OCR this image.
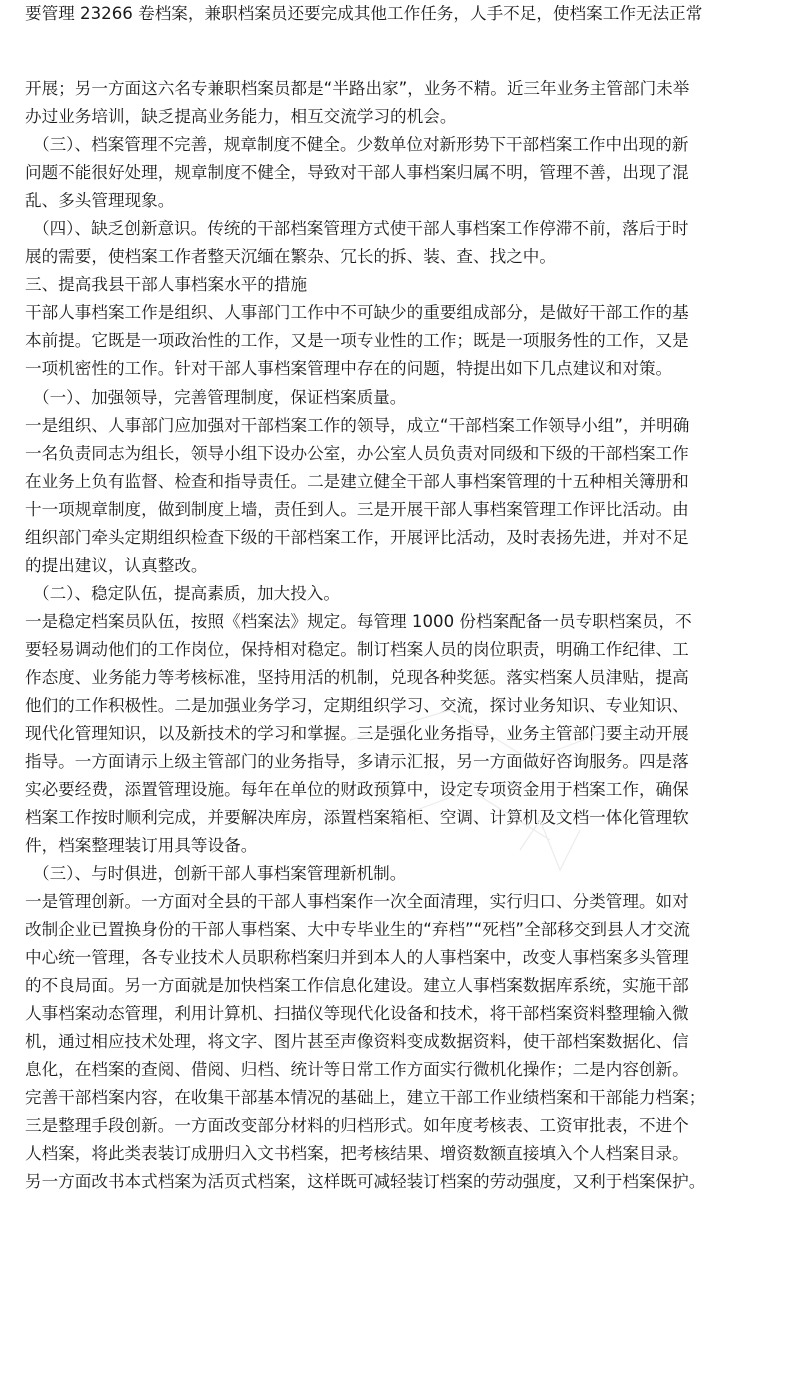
要管理 23266 卷档案，兼职档案员还要完成其他工作任务，人手不足，使档案工作无法正常
开展；另一方面这六名专兼职档案员都是“半路出家”，业务不精。近三年业务主管部门未举
办过业务培训，缺乏提高业务能力，相互交流学习的机会。
（三）、档案管理不完善，规章制度不健全。少数单位对新形势下干部档案工作中出现的新
问题不能很好处理，规章制度不健全，导致对干部人事档案归属不明，管理不善，出现了混
乱、多头管理现象。
（四）、缺乏创新意识。传统的干部档案管理方式使干部人事档案工作停滞不前，落后于时
展的需要，使档案工作者整天沉缅在繁杂、冗长的拆、装、查、找之中。
三、提高我县干部人事档案水平的措施
干部人事档案工作是组织、人事部门工作中不可缺少的重要组成部分，是做好干部工作的基
本前提。它既是一项政治性的工作，又是一项专业性的工作；既是一项服务性的工作，又是
一项机密性的工作。针对干部人事档案管理中存在的问题，特提出如下几点建议和对策。
（一）、加强领导，完善管理制度，保证档案质量。
一是组织、人事部门应加强对干部档案工作的领导，成立“干部档案工作领导小组”，并明确
一名负责同志为组长，领导小组下设办公室，办公室人员负责对同级和下级的干部档案工作
在业务上负有监督、检查和指导责任。二是建立健全干部人事档案管理的十五种相关簿册和
十一项规章制度，做到制度上墙，责任到人。三是开展干部人事档案管理工作评比活动。由
组织部门牵头定期组织检查下级的干部档案工作，开展评比活动，及时表扬先进，并对不足
的提出建议，认真整改。
（二）、稳定队伍，提高素质，加大投入。
一是稳定档案员队伍，按照《档案法》规定。每管理 1000 份档案配备一员专职档案员，不
要轻易调动他们的工作岗位，保持相对稳定。制订档案人员的岗位职责，明确工作纪律、工
作态度、业务能力等考核标准，坚持用活的机制，兑现各种奖惩。落实档案人员津贴，提高
他们的工作积极性。二是加强业务学习，定期组织学习、交流，探讨业务知识、专业知识、
现代化管理知识，以及新技术的学习和掌握。三是强化业务指导，业务主管部门要主动开展
指导。一方面请示上级主管部门的业务指导，多请示汇报，另一方面做好咨询服务。四是落
实必要经费，添置管理设施。每年在单位的财政预算中，设定专项资金用于档案工作，确保
档案工作按时顺利完成，并要解决库房，添置档案箱柜、空调、计算机及文档一体化管理软
件，档案整理装订用具等设备。
（三）、与时俱进，创新干部人事档案管理新机制。
一是管理创新。一方面对全县的干部人事档案作一次全面清理，实行归口、分类管理。如对
改制企业已置换身份的干部人事档案、大中专毕业生的“弃档”“死档”全部移交到县人才交流
中心统一管理，各专业技术人员职称档案归并到本人的人事档案中，改变人事档案多头管理
的不良局面。另一方面就是加快档案工作信息化建设。建立人事档案数据库系统，实施干部
人事档案动态管理，利用计算机、扫描仪等现代化设备和技术，将干部档案资料整理输入微
机，通过相应技术处理，将文字、图片甚至声像资料变成数据资料，使干部档案数据化、信
息化，在档案的查阅、借阅、归档、统计等日常工作方面实行微机化操作；二是内容创新。
完善干部档案内容，在收集干部基本情况的基础上，建立干部工作业绩档案和干部能力档案；
三是整理手段创新。一方面改变部分材料的归档形式。如年度考核表、工资审批表，不进个
人档案，将此类表装订成册归入文书档案，把考核结果、增资数额直接填入个人档案目录。
另一方面改书本式档案为活页式档案，这样既可减轻装订档案的劳动强度，又利于档案保护。
